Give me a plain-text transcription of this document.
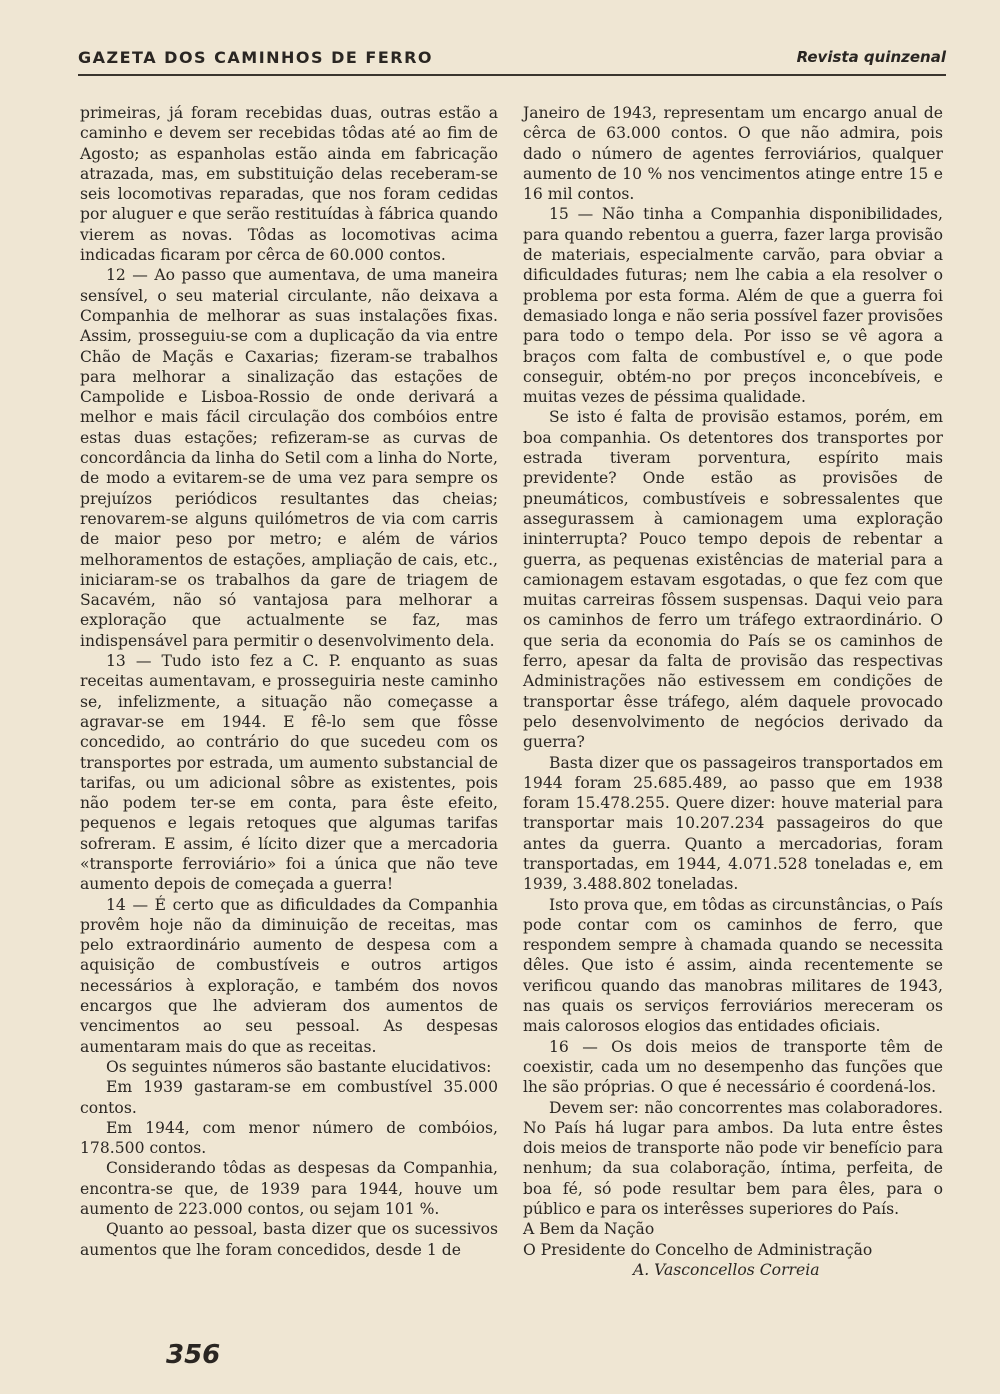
GAZETA DOS CAMINHOS DE FERRO	Revista quinzenal

primeiras, já foram recebidas duas, outras estão a caminho e devem ser recebidas tôdas até ao fim de Agosto; as espanholas estão ainda em fabricação atrazada, mas, em substituição delas receberam-se seis locomotivas reparadas, que nos foram cedidas por aluguer e que serão restituídas à fábrica quando vierem as novas. Tôdas as locomotivas acima indicadas ficaram por cêrca de 60.000 contos.

12 — Ao passo que aumentava, de uma maneira sensível, o seu material circulante, não deixava a Companhia de melhorar as suas instalações fixas. Assim, prosseguiu-se com a duplicação da via entre Chão de Maçãs e Caxarias; fizeram-se trabalhos para melhorar a sinalização das estações de Campolide e Lisboa-Rossio de onde derivará a melhor e mais fácil circulação dos combóios entre estas duas estações; refizeram-se as curvas de concordância da linha do Setil com a linha do Norte, de modo a evitarem-se de uma vez para sempre os prejuízos periódicos resultantes das cheias; renovarem-se alguns quilómetros de via com carris de maior peso por metro; e além de vários melhoramentos de estações, ampliação de cais, etc., iniciaram-se os trabalhos da gare de triagem de Sacavém, não só vantajosa para melhorar a exploração que actualmente se faz, mas indispensável para permitir o desenvolvimento dela.

13 — Tudo isto fez a C. P. enquanto as suas receitas aumentavam, e prosseguiria neste caminho se, infelizmente, a situação não começasse a agravar-se em 1944. E fê-lo sem que fôsse concedido, ao contrário do que sucedeu com os transportes por estrada, um aumento substancial de tarifas, ou um adicional sôbre as existentes, pois não podem ter-se em conta, para êste efeito, pequenos e legais retoques que algumas tarifas sofreram. E assim, é lícito dizer que a mercadoria «transporte ferroviário» foi a única que não teve aumento depois de começada a guerra!

14 — É certo que as dificuldades da Companhia provêm hoje não da diminuição de receitas, mas pelo extraordinário aumento de despesa com a aquisição de combustíveis e outros artigos necessários à exploração, e também dos novos encargos que lhe advieram dos aumentos de vencimentos ao seu pessoal. As despesas aumentaram mais do que as receitas.

Os seguintes números são bastante elucidativos:

Em 1939 gastaram-se em combustível 35.000 contos.

Em 1944, com menor número de combóios, 178.500 contos.

Considerando tôdas as despesas da Companhia, encontra-se que, de 1939 para 1944, houve um aumento de 223.000 contos, ou sejam 101 %.

Quanto ao pessoal, basta dizer que os sucessivos aumentos que lhe foram concedidos, desde 1 de

Janeiro de 1943, representam um encargo anual de cêrca de 63.000 contos. O que não admira, pois dado o número de agentes ferroviários, qualquer aumento de 10 % nos vencimentos atinge entre 15 e 16 mil contos.

15 — Não tinha a Companhia disponibilidades, para quando rebentou a guerra, fazer larga provisão de materiais, especialmente carvão, para obviar a dificuldades futuras; nem lhe cabia a ela resolver o problema por esta forma. Além de que a guerra foi demasiado longa e não seria possível fazer provisões para todo o tempo dela. Por isso se vê agora a braços com falta de combustível e, o que pode conseguir, obtém-no por preços inconcebíveis, e muitas vezes de péssima qualidade.

Se isto é falta de provisão estamos, porém, em boa companhia. Os detentores dos transportes por estrada tiveram porventura, espírito mais previdente? Onde estão as provisões de pneumáticos, combustíveis e sobressalentes que assegurassem à camionagem uma exploração ininterrupta? Pouco tempo depois de rebentar a guerra, as pequenas existências de material para a camionagem estavam esgotadas, o que fez com que muitas carreiras fôssem suspensas. Daqui veio para os caminhos de ferro um tráfego extraordinário. O que seria da economia do País se os caminhos de ferro, apesar da falta de provisão das respectivas Administrações não estivessem em condições de transportar êsse tráfego, além daquele provocado pelo desenvolvimento de negócios derivado da guerra?

Basta dizer que os passageiros transportados em 1944 foram 25.685.489, ao passo que em 1938 foram 15.478.255. Quere dizer: houve material para transportar mais 10.207.234 passageiros do que antes da guerra. Quanto a mercadorias, foram transportadas, em 1944, 4.071.528 toneladas e, em 1939, 3.488.802 toneladas.

Isto prova que, em tôdas as circunstâncias, o País pode contar com os caminhos de ferro, que respondem sempre à chamada quando se necessita dêles. Que isto é assim, ainda recentemente se verificou quando das manobras militares de 1943, nas quais os serviços ferroviários mereceram os mais calorosos elogios das entidades oficiais.

16 — Os dois meios de transporte têm de coexistir, cada um no desempenho das funções que lhe são próprias. O que é necessário é coordená-los.

Devem ser: não concorrentes mas colaboradores. No País há lugar para ambos. Da luta entre êstes dois meios de transporte não pode vir benefício para nenhum; da sua colaboração, íntima, perfeita, de boa fé, só pode resultar bem para êles, para o público e para os interêsses superiores do País.

A Bem da Nação

O Presidente do Concelho de Administração

A. Vasconcellos Correia

356
